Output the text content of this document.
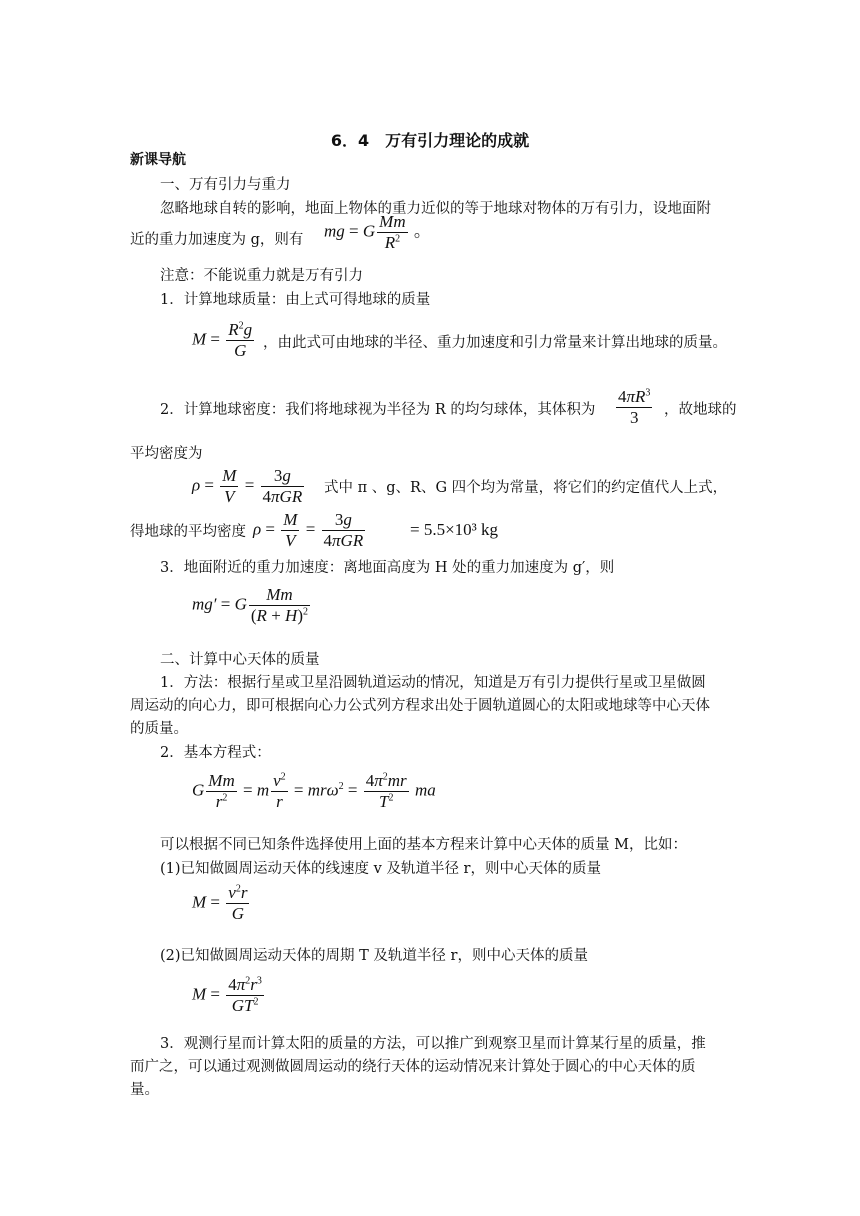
6．4　万有引力理论的成就
新课导航
一、万有引力与重力
忽略地球自转的影响，地面上物体的重力近似的等于地球对物体的万有引力，设地面附
近的重力加速度为 g，则有 mg = G $\frac{Mm}{R^2}$ 。
注意：不能说重力就是万有引力
1．计算地球质量：由上式可得地球的质量
$M = \frac{R^2g}{G}$ ，由此式可由地球的半径、重力加速度和引力常量来计算出地球的质量。
2．计算地球密度：我们将地球视为半径为 R 的均匀球体，其体积为 $\frac{4\pi R^3}{3}$ ，故地球的
平均密度为
$\rho = \frac{M}{V} = \frac{3g}{\text{4πGR}}$ 式中 π 、g、R、G 四个均为常量，将它们的约定值代人上式，
得地球的平均密度 $\rho = \frac{M}{V} = \frac{3g}{\text{4πGR}}$	= 5.5×10³ kg
3．地面附近的重力加速度：离地面高度为 H 处的重力加速度为 g′，则
mg′ = G $\frac{Mm}{(R + H)^2}$
二、计算中心天体的质量
1．方法：根据行星或卫星沿圆轨道运动的情况，知道是万有引力提供行星或卫星做圆
周运动的向心力，即可根据向心力公式列方程求出处于圆轨道圆心的太阳或地球等中心天体
的质量。
2．基本方程式：
G $\frac{Mm}{r^2} = m \frac{v^2}{r} = mr\omega^2 = \frac{4\pi^2mr}{T^2}$ ma
可以根据不同已知条件选择使用上面的基本方程来计算中心天体的质量 M，比如：
(1)已知做圆周运动天体的线速度 v 及轨道半径 r，则中心天体的质量
$M = \frac{v^2r}{G}$
(2)已知做圆周运动天体的周期 T 及轨道半径 r，则中心天体的质量
$M = \frac{4\pi^2r^3}{GT^2}$
3．观测行星而计算太阳的质量的方法，可以推广到观察卫星而计算某行星的质量，推
而广之，可以通过观测做圆周运动的绕行天体的运动情况来计算处于圆心的中心天体的质
量。
